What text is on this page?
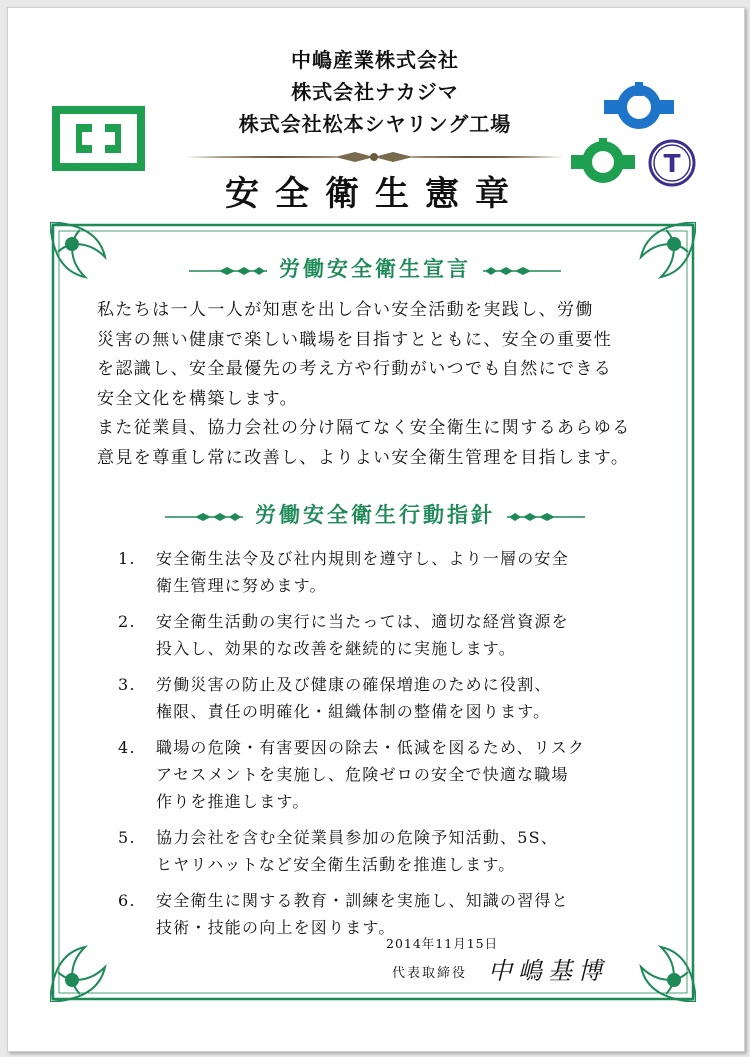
中嶋産業株式会社
株式会社ナカジマ
株式会社松本シヤリング工場
安全衛生憲章
T
労働安全衛生宣言

私たちは一人一人が知恵を出し合い安全活動を実践し、労働

災害の無い健康で楽しい職場を目指すとともに、安全の重要性

を認識し、安全最優先の考え方や行動がいつでも自然にできる

安全文化を構築します。

また従業員、協力会社の分け隔てなく安全衛生に関するあらゆる

意見を尊重し常に改善し、よりよい安全衛生管理を目指します。

労働安全衛生行動指針
1.	安全衛生法令及び社内規則を遵守し、より一層の安全
衛生管理に努めます。
2.	安全衛生活動の実行に当たっては、適切な経営資源を
投入し、効果的な改善を継続的に実施します。
3.	労働災害の防止及び健康の確保増進のために役割、
権限、責任の明確化・組織体制の整備を図ります。
4.	職場の危険・有害要因の除去・低減を図るため、リスク
アセスメントを実施し、危険ゼロの安全で快適な職場
作りを推進します。
5.	協力会社を含む全従業員参加の危険予知活動、5S、
ヒヤリハットなど安全衛生活動を推進します。
6.	安全衛生に関する教育・訓練を実施し、知識の習得と
技術・技能の向上を図ります。
2014年11月15日
代表取締役 中嶋基博
